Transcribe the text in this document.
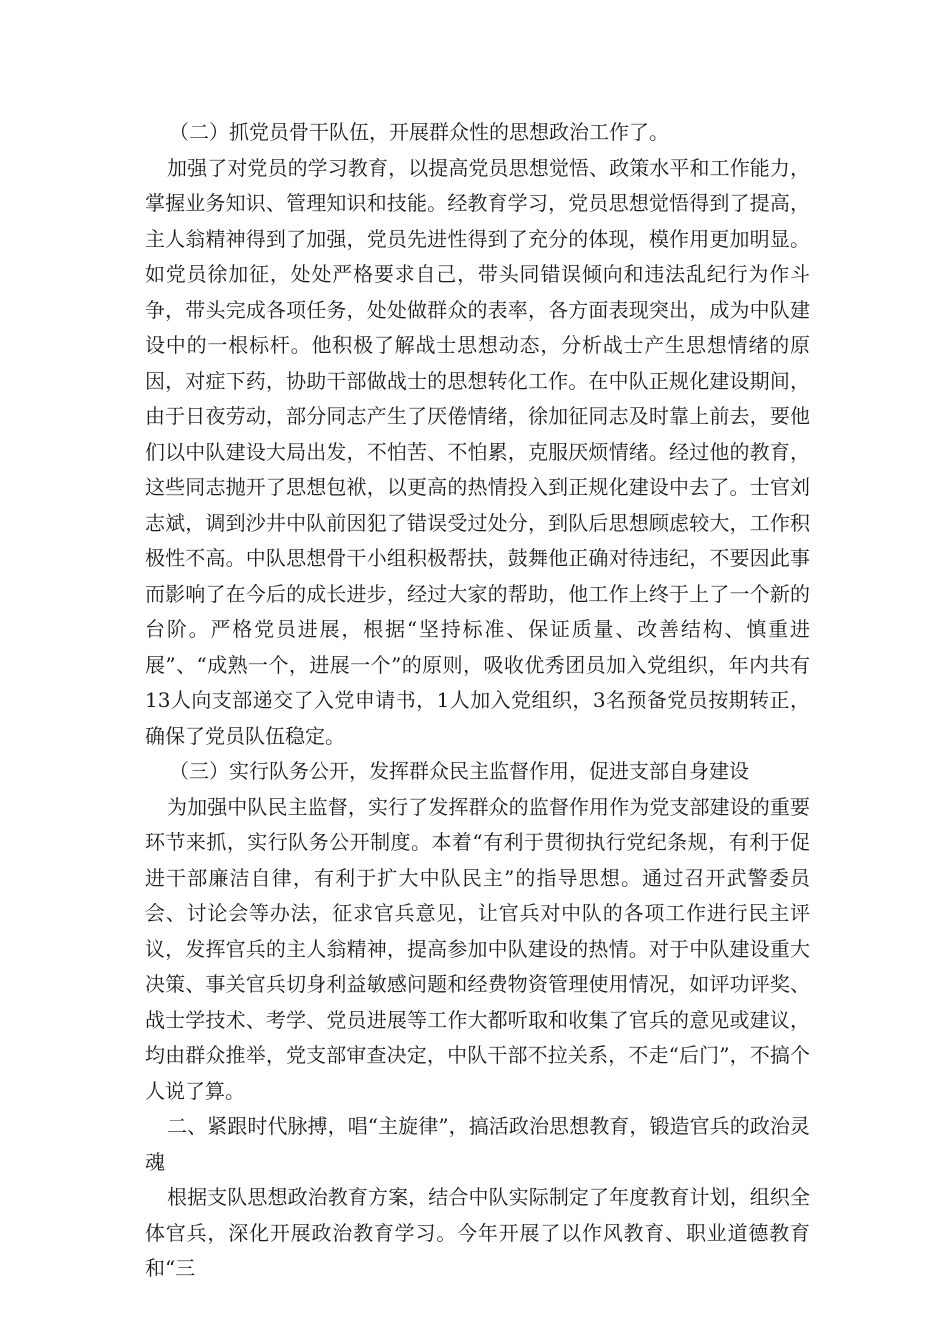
（二）抓党员骨干队伍，开展群众性的思想政治工作了。

加强了对党员的学习教育，以提高党员思想觉悟、政策水平和工作能力，掌握业务知识、管理知识和技能。经教育学习，党员思想觉悟得到了提高，主人翁精神得到了加强，党员先进性得到了充分的体现，模作用更加明显。如党员徐加征，处处严格要求自己，带头同错误倾向和违法乱纪行为作斗争，带头完成各项任务，处处做群众的表率，各方面表现突出，成为中队建设中的一根标杆。他积极了解战士思想动态，分析战士产生思想情绪的原因，对症下药，协助干部做战士的思想转化工作。在中队正规化建设期间，由于日夜劳动，部分同志产生了厌倦情绪，徐加征同志及时靠上前去，要他们以中队建设大局出发，不怕苦、不怕累，克服厌烦情绪。经过他的教育，这些同志抛开了思想包袱，以更高的热情投入到正规化建设中去了。士官刘志斌，调到沙井中队前因犯了错误受过处分，到队后思想顾虑较大，工作积极性不高。中队思想骨干小组积极帮扶，鼓舞他正确对待违纪，不要因此事而影响了在今后的成长进步，经过大家的帮助，他工作上终于上了一个新的台阶。严格党员进展，根据“坚持标准、保证质量、改善结构、慎重进展”、“成熟一个，进展一个”的原则，吸收优秀团员加入党组织，年内共有13人向支部递交了入党申请书，1人加入党组织，3名预备党员按期转正，确保了党员队伍稳定。

（三）实行队务公开，发挥群众民主监督作用，促进支部自身建设

为加强中队民主监督，实行了发挥群众的监督作用作为党支部建设的重要环节来抓，实行队务公开制度。本着“有利于贯彻执行党纪条规，有利于促进干部廉洁自律，有利于扩大中队民主”的指导思想。通过召开武警委员会、讨论会等办法，征求官兵意见，让官兵对中队的各项工作进行民主评议，发挥官兵的主人翁精神，提高参加中队建设的热情。对于中队建设重大决策、事关官兵切身利益敏感问题和经费物资管理使用情况，如评功评奖、战士学技术、考学、党员进展等工作大都听取和收集了官兵的意见或建议，均由群众推举，党支部审查决定，中队干部不拉关系，不走“后门”，不搞个人说了算。

二、紧跟时代脉搏，唱“主旋律”，搞活政治思想教育，锻造官兵的政治灵魂

根据支队思想政治教育方案，结合中队实际制定了年度教育计划，组织全体官兵，深化开展政治教育学习。今年开展了以作风教育、职业道德教育和“三
